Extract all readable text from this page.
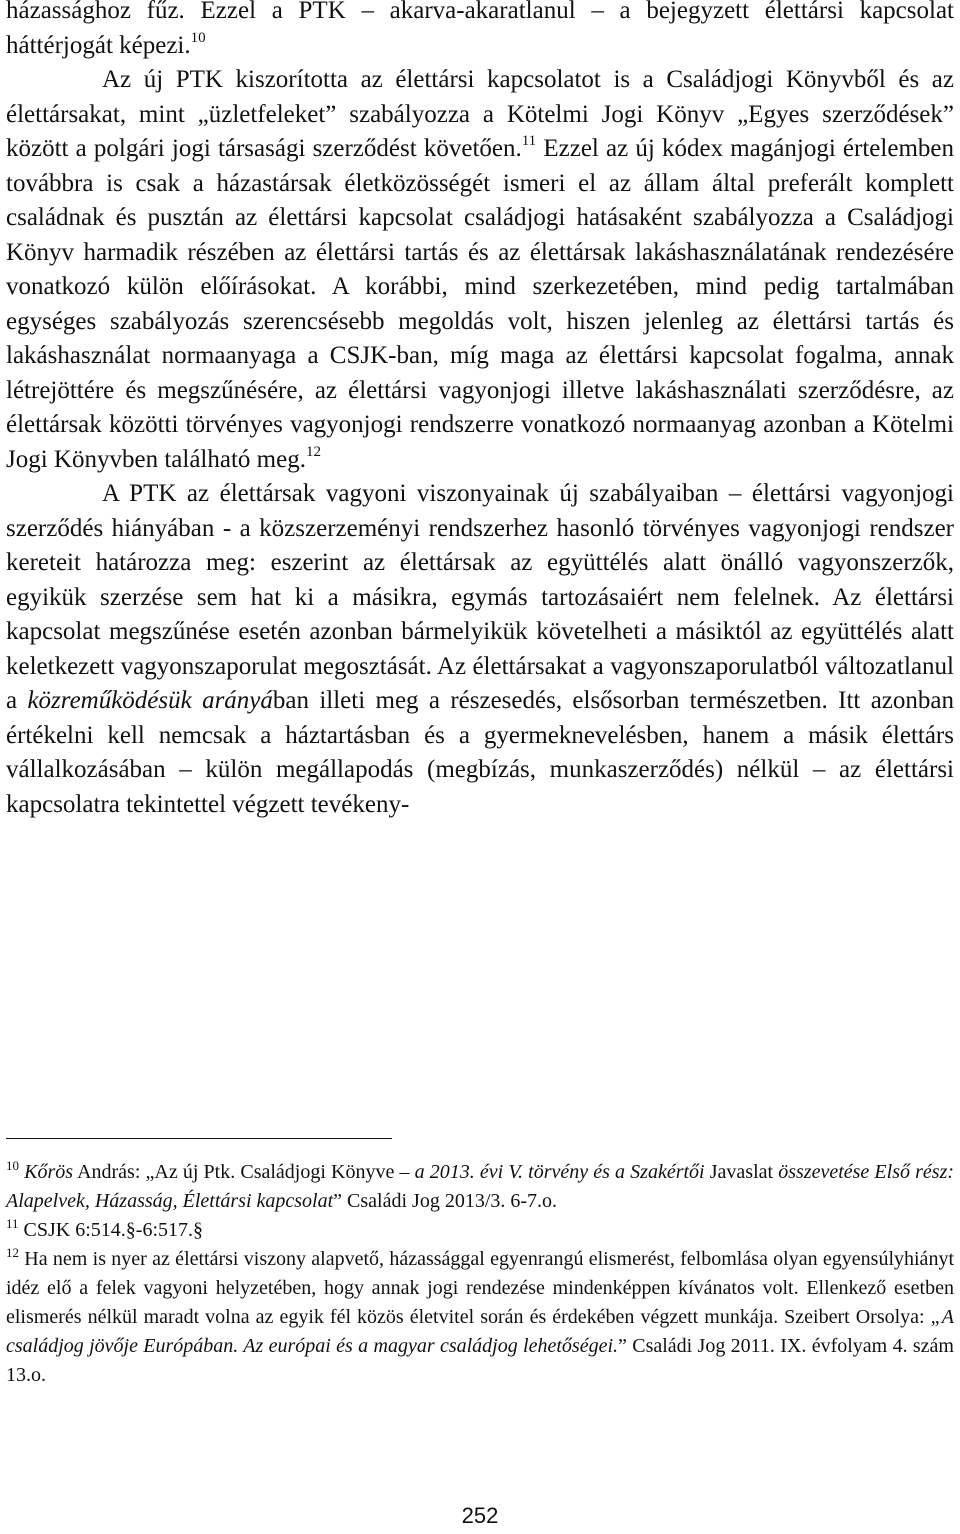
házassághoz fűz. Ezzel a PTK – akarva-akaratlanul – a bejegyzett élettársi kapcsolat háttérjogát képezi.$^{10}$

Az új PTK kiszorította az élettársi kapcsolatot is a Családjogi Könyvből és az élettársakat, mint „üzletfeleket” szabályozza a Kötelmi Jogi Könyv „Egyes szerződések” között a polgári jogi társasági szerződést követően.$^{11}$ Ezzel az új kódex magánjogi értelemben továbbra is csak a házastársak életközösségét ismeri el az állam által preferált komplett családnak és pusztán az élettársi kapcsolat családjogi hatásaként szabályozza a Családjogi Könyv harmadik részében az élettársi tartás és az élettársak lakáshasználatának rendezésére vonatkozó külön előírásokat. A korábbi, mind szerkezetében, mind pedig tartalmában egységes szabályozás szerencsésebb megoldás volt, hiszen jelenleg az élettársi tartás és lakáshasználat normaanyaga a CSJK-ban, míg maga az élettársi kapcsolat fogalma, annak létrejöttére és megszűnésére, az élettársi vagyonjogi illetve lakáshasználati szerződésre, az élettársak közötti törvényes vagyonjogi rendszerre vonatkozó normaanyag azonban a Kötelmi Jogi Könyvben található meg.$^{12}$

A PTK az élettársak vagyoni viszonyainak új szabályaiban – élettársi vagyonjogi szerződés hiányában - a közszerzeményi rendszerhez hasonló törvényes vagyonjogi rendszer kereteit határozza meg: eszerint az élettársak az együttélés alatt önálló vagyonszerzők, egyikük szerzése sem hat ki a másikra, egymás tartozásaiért nem felelnek. Az élettársi kapcsolat megszűnése esetén azonban bármelyikük követelheti a másiktól az együttélés alatt keletkezett vagyonszaporulat megosztását. Az élettársakat a vagyonszaporulatból változatlanul a közreműködésük arányában illeti meg a részesedés, elsősorban természetben. Itt azonban értékelni kell nemcsak a háztartásban és a gyermeknevelésben, hanem a másik élettárs vállalkozásában – külön megállapodás (megbízás, munkaszerződés) nélkül – az élettársi kapcsolatra tekintettel végzett tevékeny-

$^{10}$ Kőrös András: „Az új Ptk. Családjogi Könyve – a 2013. évi V. törvény és a Szakértői Javaslat összevetése Első rész: Alapelvek, Házasság, Élettársi kapcsolat” Családi Jog 2013/3. 6-7.o.

$^{11}$ CSJK 6:514.§-6:517.§

$^{12}$ Ha nem is nyer az élettársi viszony alapvető, házassággal egyenrangú elismerést, felbomlása olyan egyensúlyhiányt idéz elő a felek vagyoni helyzetében, hogy annak jogi rendezése mindenképpen kívánatos volt. Ellenkező esetben elismerés nélkül maradt volna az egyik fél közös életvitel során és érdekében végzett munkája. Szeibert Orsolya: „A családjog jövője Európában. Az európai és a magyar családjog lehetőségei.” Családi Jog 2011. IX. évfolyam 4. szám 13.o.

252
